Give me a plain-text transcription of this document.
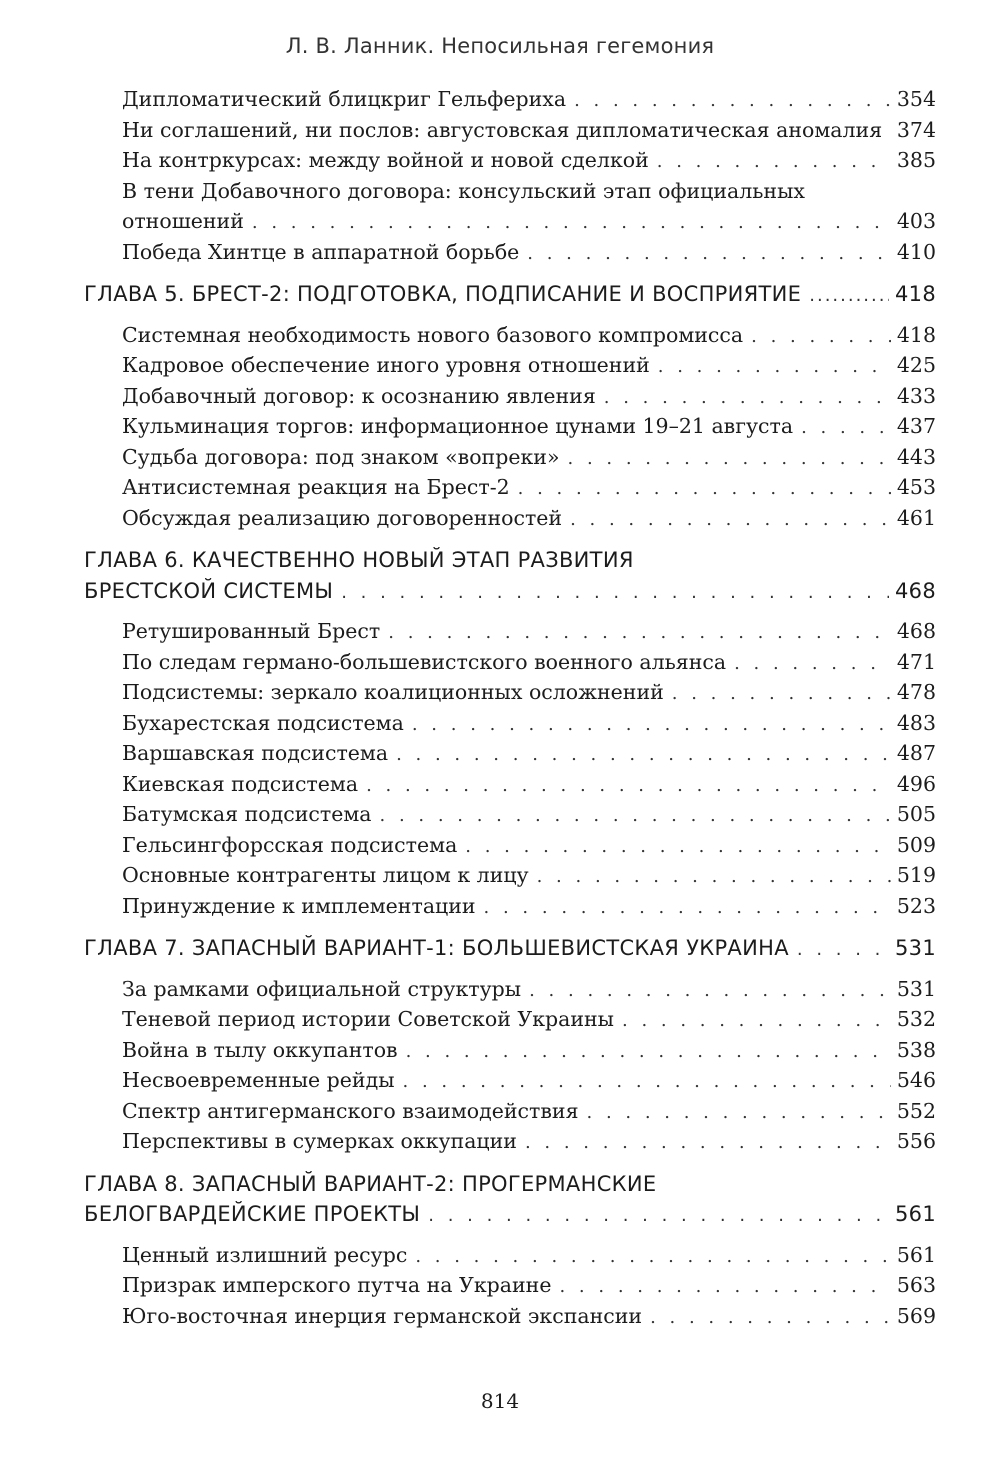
Л. В. Ланник. Непосильная гегемония
Дипломатический блицкриг Гельфериха . . .	354
Ни соглашений, ни послов: августовская дипломатическая аномалия . . . 374
На контркурсах: между войной и новой сделкой . . .	385
В тени Добавочного договора: консульский этап официальных
отношений . . .	403
Победа Хинтце в аппаратной борьбе . . .	410
ГЛАВА 5. БРЕСТ-2: ПОДГОТОВКА, ПОДПИСАНИЕ И ВОСПРИЯТИЕ .....	418
Системная необходимость нового базового компромисса . . .	418
Кадровое обеспечение иного уровня отношений . . .	425
Добавочный договор: к осознанию явления . . .	433
Кульминация торгов: информационное цунами 19–21 августа . . .	437
Судьба договора: под знаком «вопреки» . . .	443
Антисистемная реакция на Брест-2 . . .	453
Обсуждая реализацию договоренностей . . .	461
ГЛАВА 6. КАЧЕСТВЕННО НОВЫЙ ЭТАП РАЗВИТИЯ
БРЕСТСКОЙ СИСТЕМЫ . . .	468
Ретушированный Брест . . .	468
По следам германо-большевистского военного альянса . . .	471
Подсистемы: зеркало коалиционных осложнений . . .	478
Бухарестская подсистема . . .	483
Варшавская подсистема . . .	487
Киевская подсистема . . .	496
Батумская подсистема . . .	505
Гельсингфорсская подсистема . . .	509
Основные контрагенты лицом к лицу . . .	519
Принуждение к имплементации . . .	523
ГЛАВА 7. ЗАПАСНЫЙ ВАРИАНТ-1: БОЛЬШЕВИСТСКАЯ УКРАИНА . . .	531
За рамками официальной структуры . . .	531
Теневой период истории Советской Украины . . .	532
Война в тылу оккупантов . . .	538
Несвоевременные рейды . . .	546
Спектр антигерманского взаимодействия . . .	552
Перспективы в сумерках оккупации . . .	556
ГЛАВА 8. ЗАПАСНЫЙ ВАРИАНТ-2: ПРОГЕРМАНСКИЕ
БЕЛОГВАРДЕЙСКИЕ ПРОЕКТЫ . . .	561
Ценный излишний ресурс . . .	561
Призрак имперского путча на Украине . . .	563
Юго-восточная инерция германской экспансии . . .	569
814
